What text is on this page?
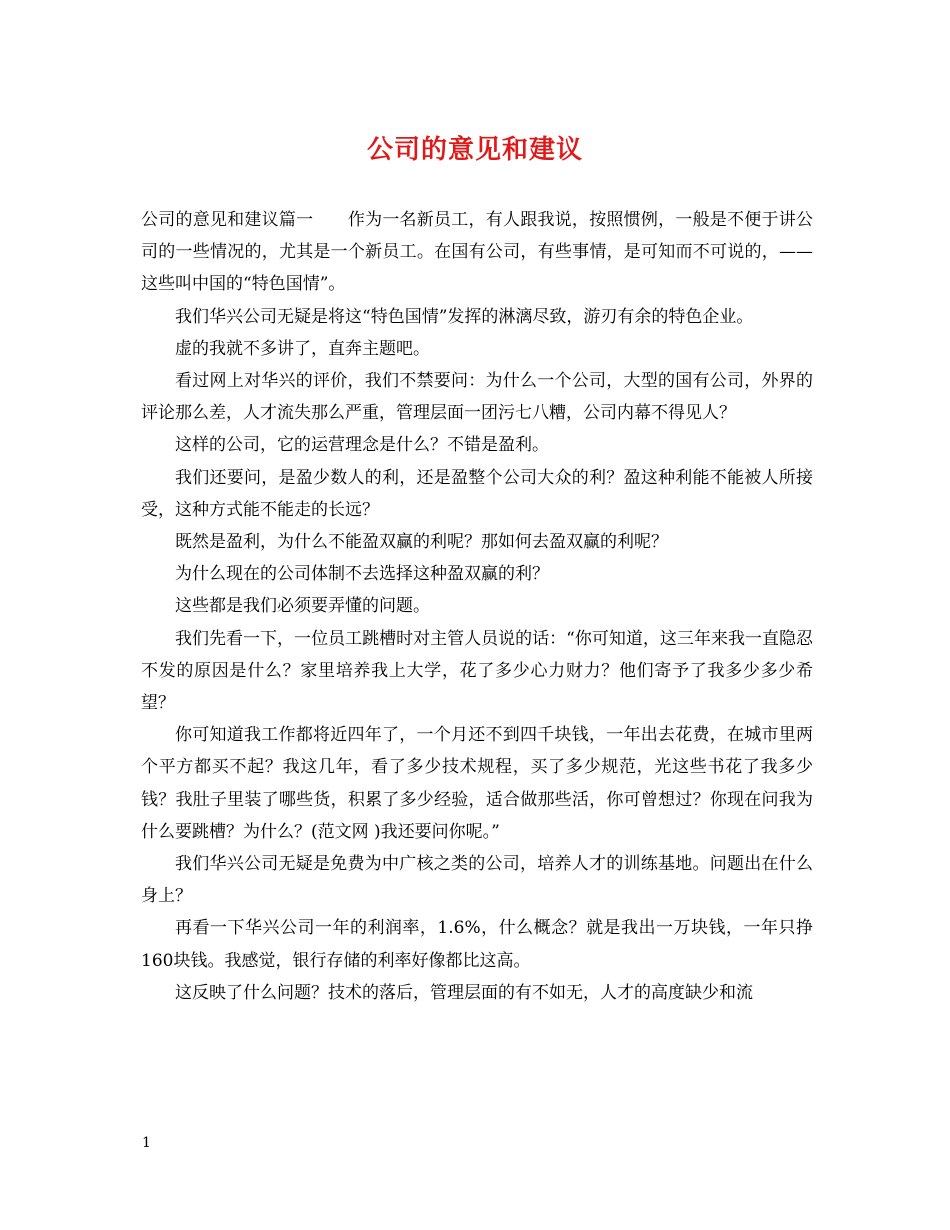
公司的意见和建议

公司的意见和建议篇一　　作为一名新员工，有人跟我说，按照惯例，一般是不便于讲公司的一些情况的，尤其是一个新员工。在国有公司，有些事情，是可知而不可说的，——这些叫中国的“特色国情”。

我们华兴公司无疑是将这“特色国情”发挥的淋漓尽致，游刃有余的特色企业。

虚的我就不多讲了，直奔主题吧。

看过网上对华兴的评价，我们不禁要问：为什么一个公司，大型的国有公司，外界的评论那么差，人才流失那么严重，管理层面一团污七八糟，公司内幕不得见人？

这样的公司，它的运营理念是什么？不错是盈利。

我们还要问，是盈少数人的利，还是盈整个公司大众的利？盈这种利能不能被人所接受，这种方式能不能走的长远？

既然是盈利，为什么不能盈双赢的利呢？那如何去盈双赢的利呢？

为什么现在的公司体制不去选择这种盈双赢的利？

这些都是我们必须要弄懂的问题。

我们先看一下，一位员工跳槽时对主管人员说的话：“你可知道，这三年来我一直隐忍不发的原因是什么？家里培养我上大学，花了多少心力财力？他们寄予了我多少多少希望？

你可知道我工作都将近四年了，一个月还不到四千块钱，一年出去花费，在城市里两个平方都买不起？我这几年，看了多少技术规程，买了多少规范，光这些书花了我多少钱？我肚子里装了哪些货，积累了多少经验，适合做那些活，你可曾想过？你现在问我为什么要跳槽？为什么？(范文网 )我还要问你呢。”

我们华兴公司无疑是免费为中广核之类的公司，培养人才的训练基地。问题出在什么身上？

再看一下华兴公司一年的利润率，1.6%，什么概念？就是我出一万块钱，一年只挣160块钱。我感觉，银行存储的利率好像都比这高。

这反映了什么问题？技术的落后，管理层面的有不如无，人才的高度缺少和流

1
